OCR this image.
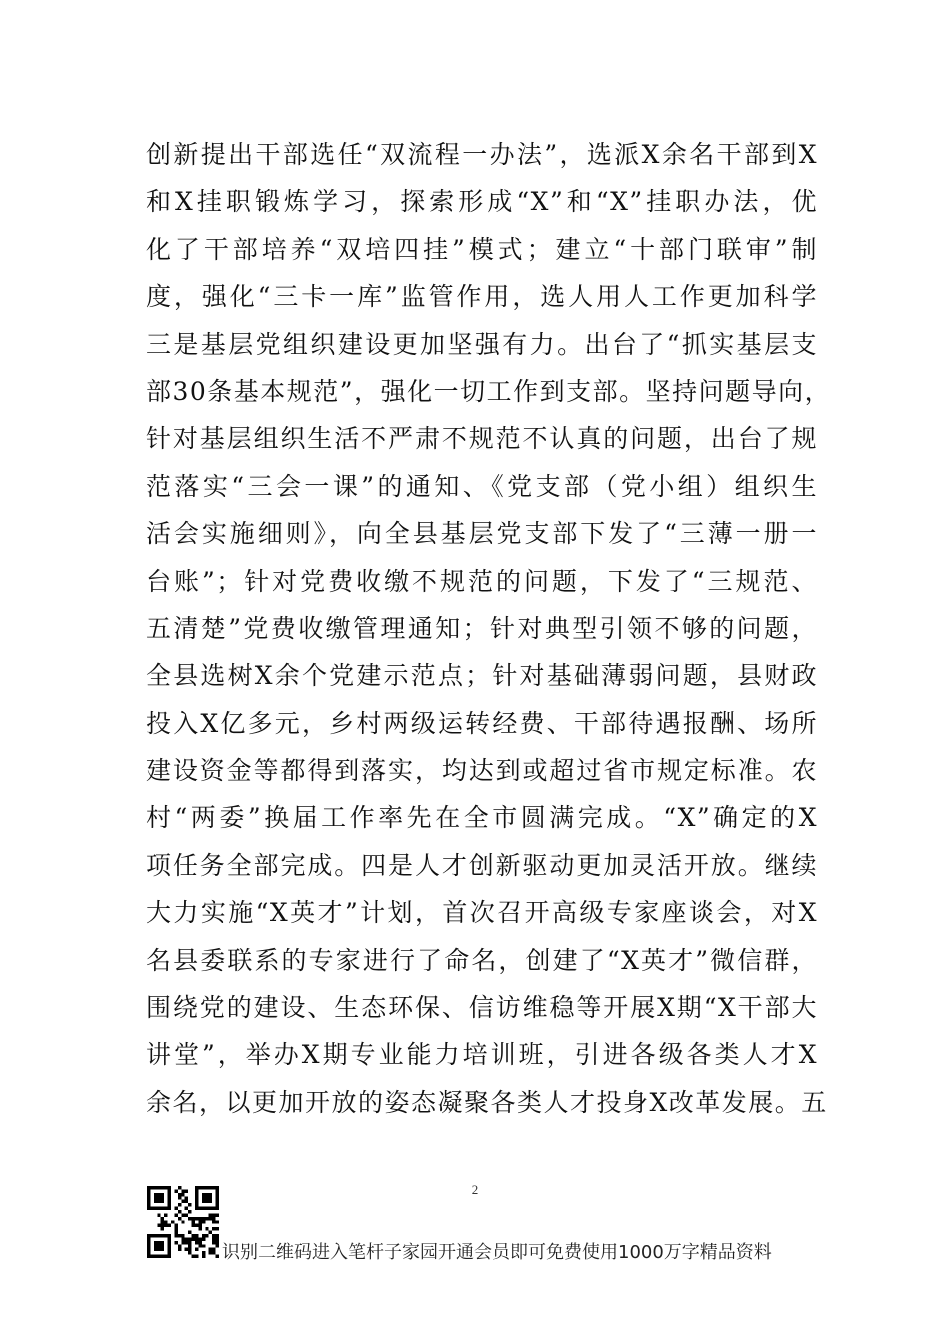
创新提出干部选任“双流程一办法”，选派X余名干部到X
和X挂职锻炼学习，探索形成“X”和“X”挂职办法，优
化了干部培养“双培四挂”模式；建立“十部门联审”制
度，强化“三卡一库”监管作用，选人用人工作更加科学
三是基层党组织建设更加坚强有力。出台了“抓实基层支
部30条基本规范”，强化一切工作到支部。坚持问题导向，
针对基层组织生活不严肃不规范不认真的问题，出台了规
范落实“三会一课”的通知、《党支部（党小组）组织生
活会实施细则》，向全县基层党支部下发了“三薄一册一
台账”；针对党费收缴不规范的问题，下发了“三规范、
五清楚”党费收缴管理通知；针对典型引领不够的问题，
全县选树X余个党建示范点；针对基础薄弱问题，县财政
投入X亿多元，乡村两级运转经费、干部待遇报酬、场所
建设资金等都得到落实，均达到或超过省市规定标准。农
村“两委”换届工作率先在全市圆满完成。“X”确定的X
项任务全部完成。四是人才创新驱动更加灵活开放。继续
大力实施“X英才”计划，首次召开高级专家座谈会，对X
名县委联系的专家进行了命名，创建了“X英才”微信群，
围绕党的建设、生态环保、信访维稳等开展X期“X干部大
讲堂”，举办X期专业能力培训班，引进各级各类人才X
余名，以更加开放的姿态凝聚各类人才投身X改革发展。五
2
识别二维码进入笔杆子家园开通会员即可免费使用1000万字精品资料
